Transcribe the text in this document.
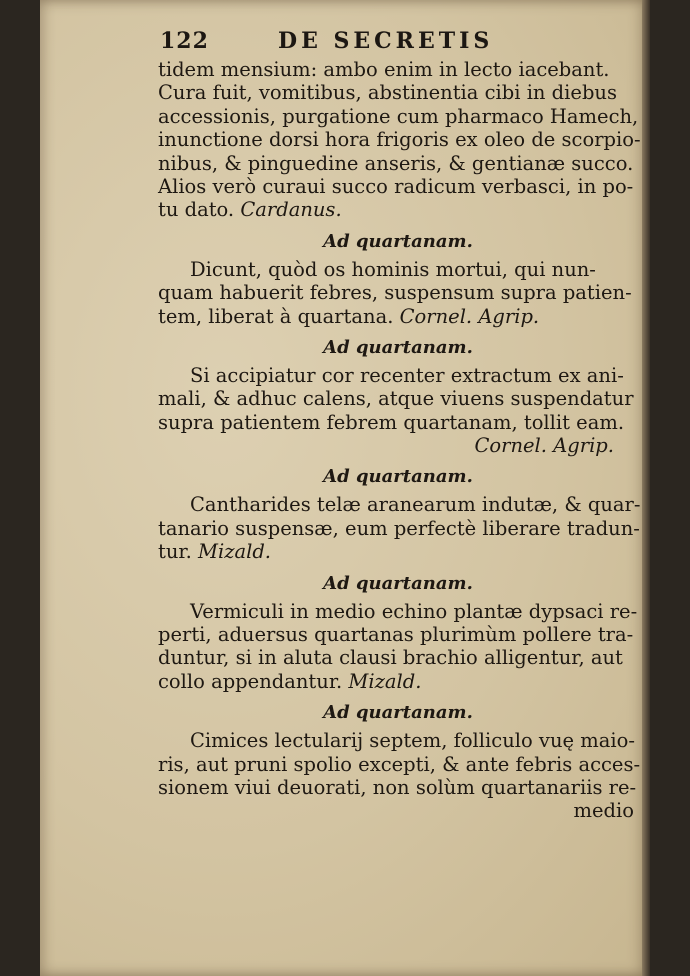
122	DE SECRETIS
tidem mensium: ambo enim in lecto iacebant.
Cura fuit, vomitibus, abstinentia cibi in diebus
accessionis, purgatione cum pharmaco Hamech,
inunctione dorsi hora frigoris ex oleo de scorpio-
nibus, & pinguedine anseris, & gentianæ succo.
Alios verò curaui succo radicum verbasci, in po-
tu dato. Cardanus.
Ad quartanam.
Dicunt, quòd os hominis mortui, qui nun-
quam habuerit febres, suspensum supra patien-
tem, liberat à quartana. Cornel. Agrip.
Ad quartanam.
Si accipiatur cor recenter extractum ex ani-
mali, & adhuc calens, atque viuens suspendatur
supra patientem febrem quartanam, tollit eam.
Cornel. Agrip.
Ad quartanam.
Cantharides telæ aranearum indutæ, & quar-
tanario suspensæ, eum perfectè liberare tradun-
tur. Mizald.
Ad quartanam.
Vermiculi in medio echino plantæ dypsaci re-
perti, aduersus quartanas plurimùm pollere tra-
duntur, si in aluta clausi brachio alligentur, aut
collo appendantur. Mizald.
Ad quartanam.
Cimices lectularij septem, folliculo vuę maio-
ris, aut pruni spolio excepti, & ante febris acces-
sionem viui deuorati, non solùm quartanariis re-
medio
